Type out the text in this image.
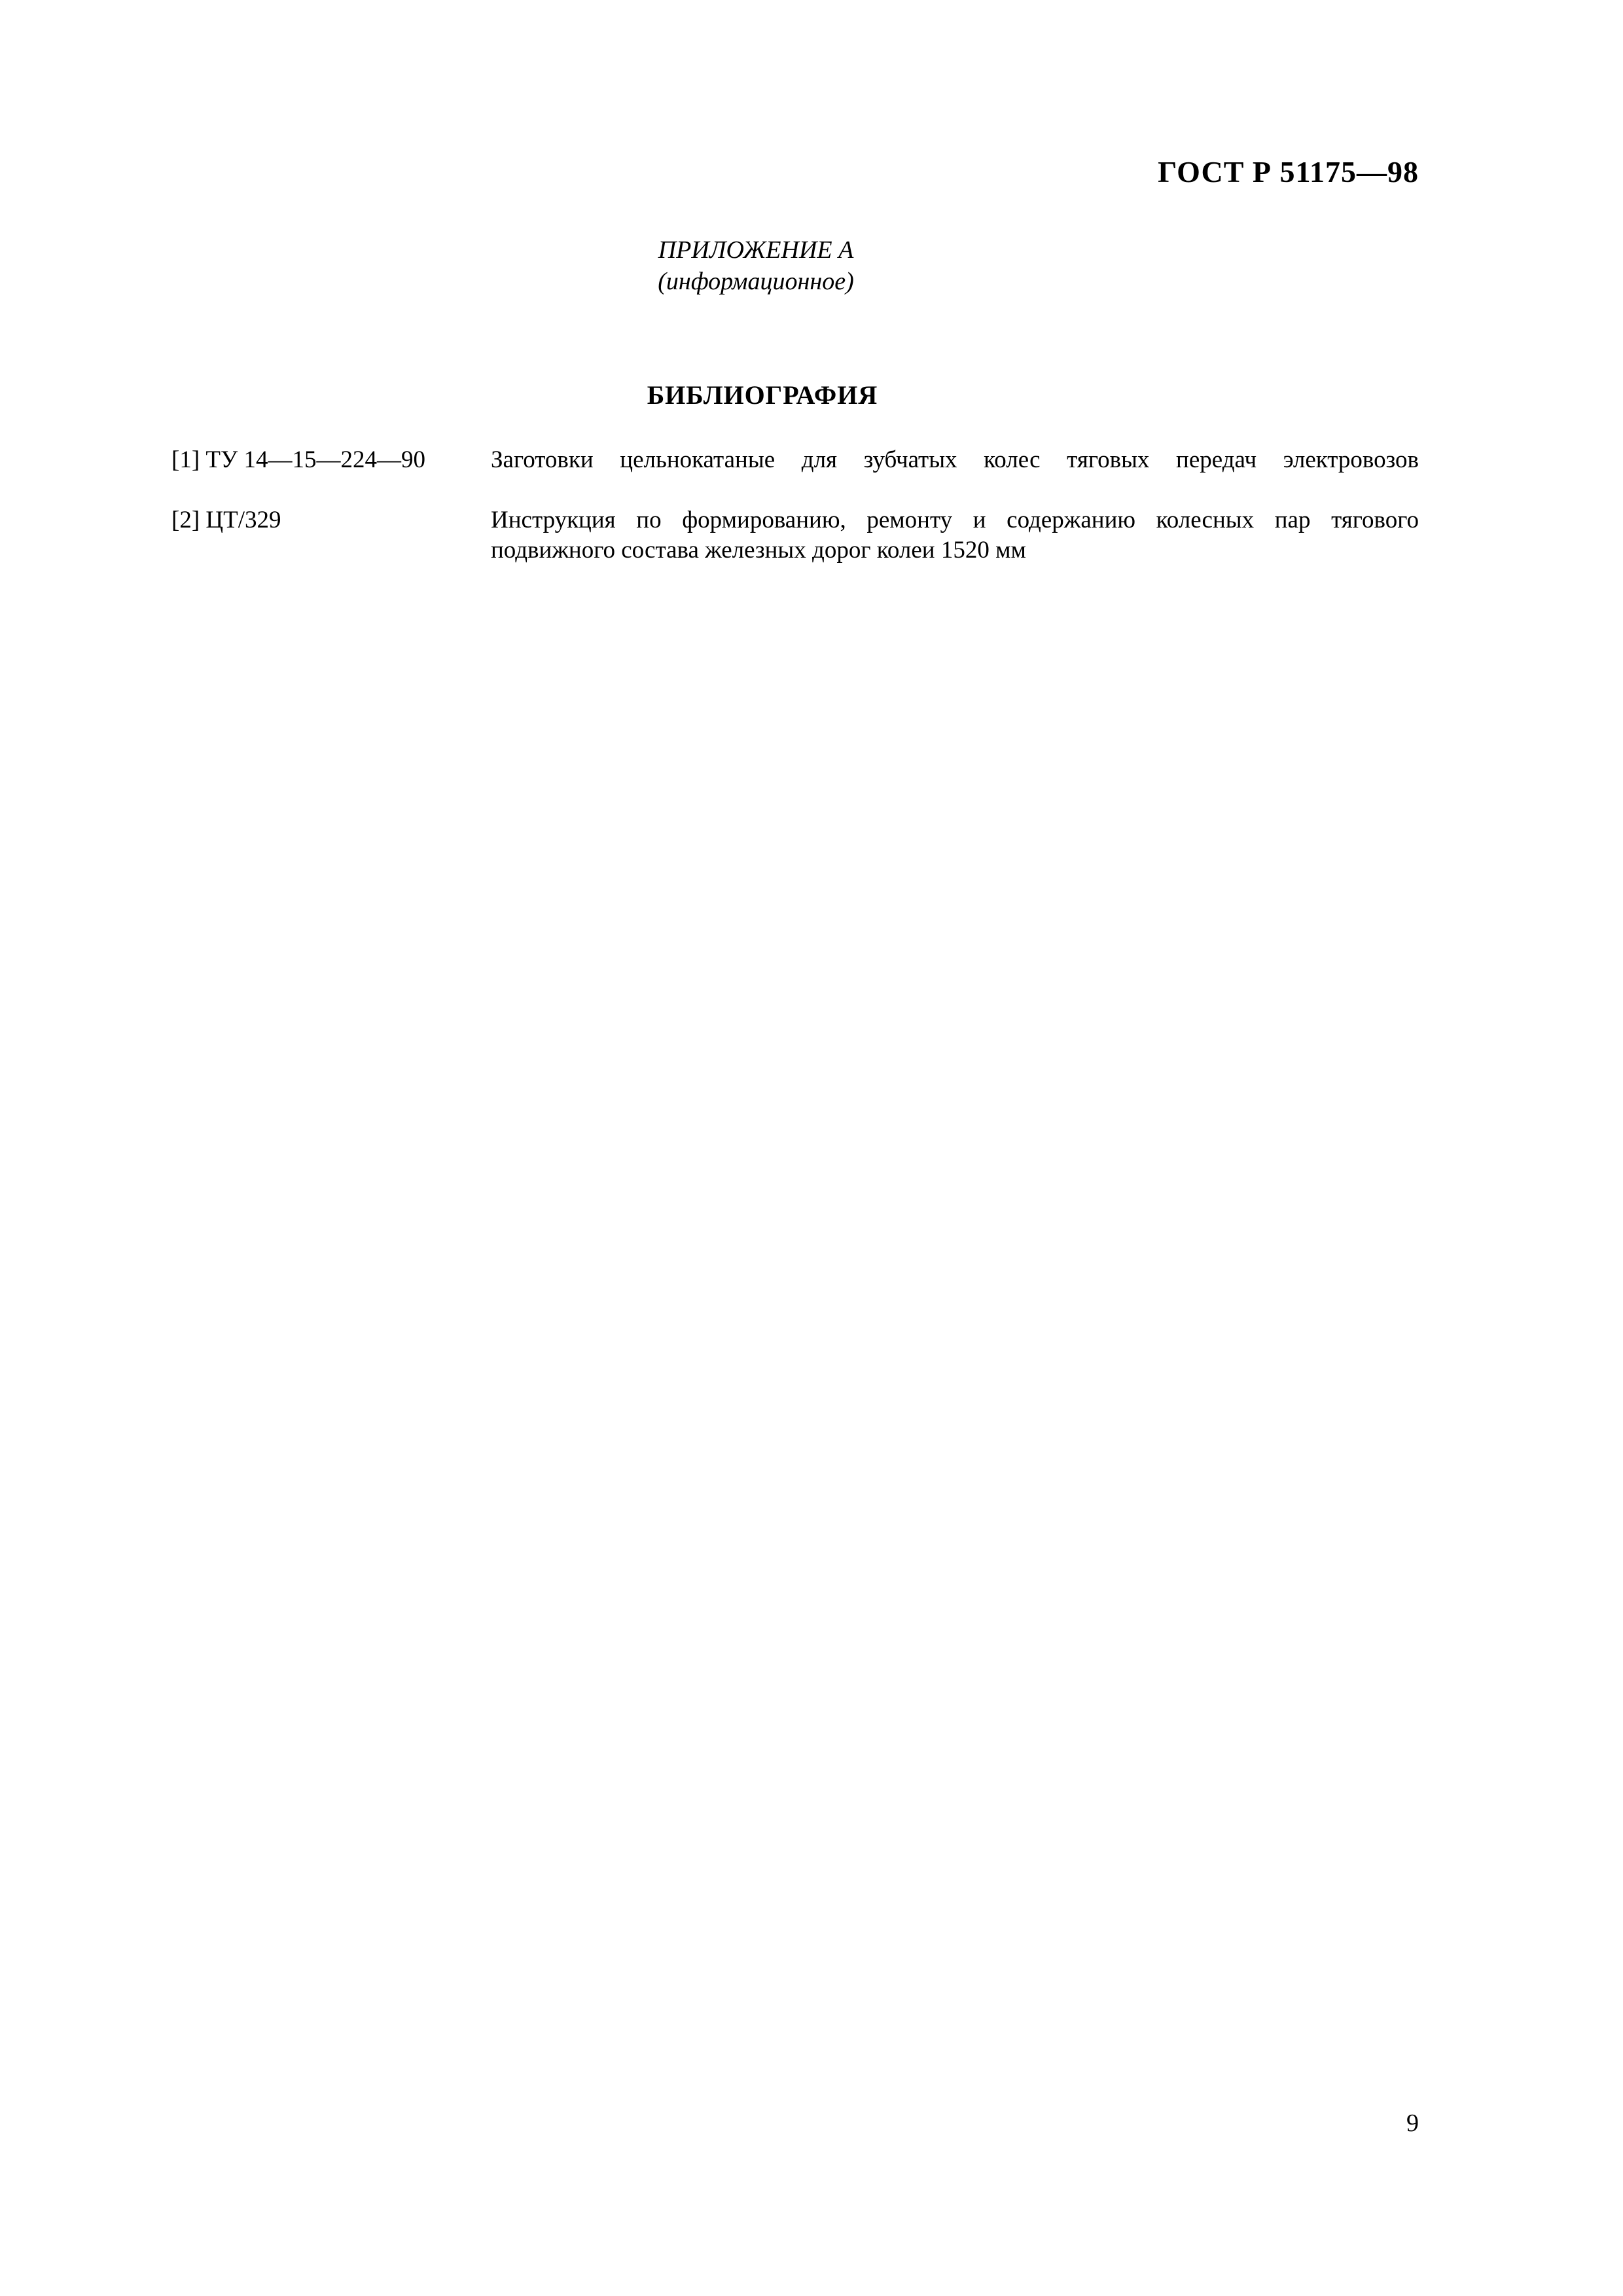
ГОСТ Р 51175—98
ПРИЛОЖЕНИЕ А
(информационное)
БИБЛИОГРАФИЯ
[1] ТУ 14—15—224—90	Заготовки цельнокатаные для зубчатых колес тяговых передач электровозов
[2] ЦТ/329	Инструкция по формированию, ремонту и содержанию колесных пар тягового подвижного состава железных дорог колеи 1520 мм
9
